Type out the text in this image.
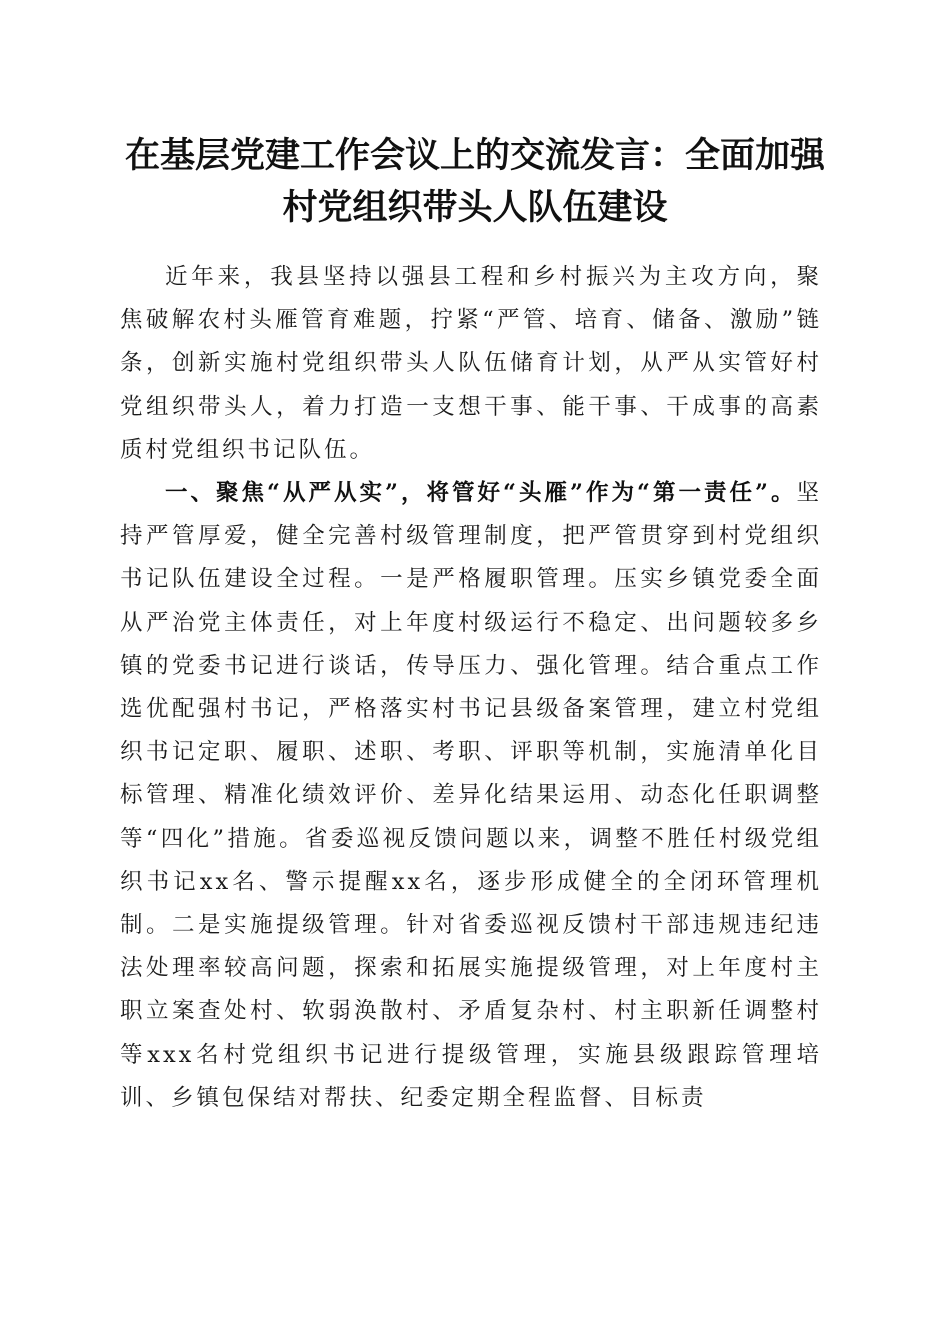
在基层党建工作会议上的交流发言：全面加强
村党组织带头人队伍建设

近年来，我县坚持以强县工程和乡村振兴为主攻方向，聚焦破解农村头雁管育难题，拧紧“严管、培育、储备、激励”链条，创新实施村党组织带头人队伍储育计划，从严从实管好村党组织带头人，着力打造一支想干事、能干事、干成事的高素质村党组织书记队伍。

一、聚焦“从严从实”，将管好“头雁”作为“第一责任”。坚持严管厚爱，健全完善村级管理制度，把严管贯穿到村党组织书记队伍建设全过程。一是严格履职管理。压实乡镇党委全面从严治党主体责任，对上年度村级运行不稳定、出问题较多乡镇的党委书记进行谈话，传导压力、强化管理。结合重点工作选优配强村书记，严格落实村书记县级备案管理，建立村党组织书记定职、履职、述职、考职、评职等机制，实施清单化目标管理、精准化绩效评价、差异化结果运用、动态化任职调整等“四化”措施。省委巡视反馈问题以来，调整不胜任村级党组织书记xx名、警示提醒xx名，逐步形成健全的全闭环管理机制。二是实施提级管理。针对省委巡视反馈村干部违规违纪违法处理率较高问题，探索和拓展实施提级管理，对上年度村主职立案查处村、软弱涣散村、矛盾复杂村、村主职新任调整村等xxx名村党组织书记进行提级管理，实施县级跟踪管理培训、乡镇包保结对帮扶、纪委定期全程监督、目标责
